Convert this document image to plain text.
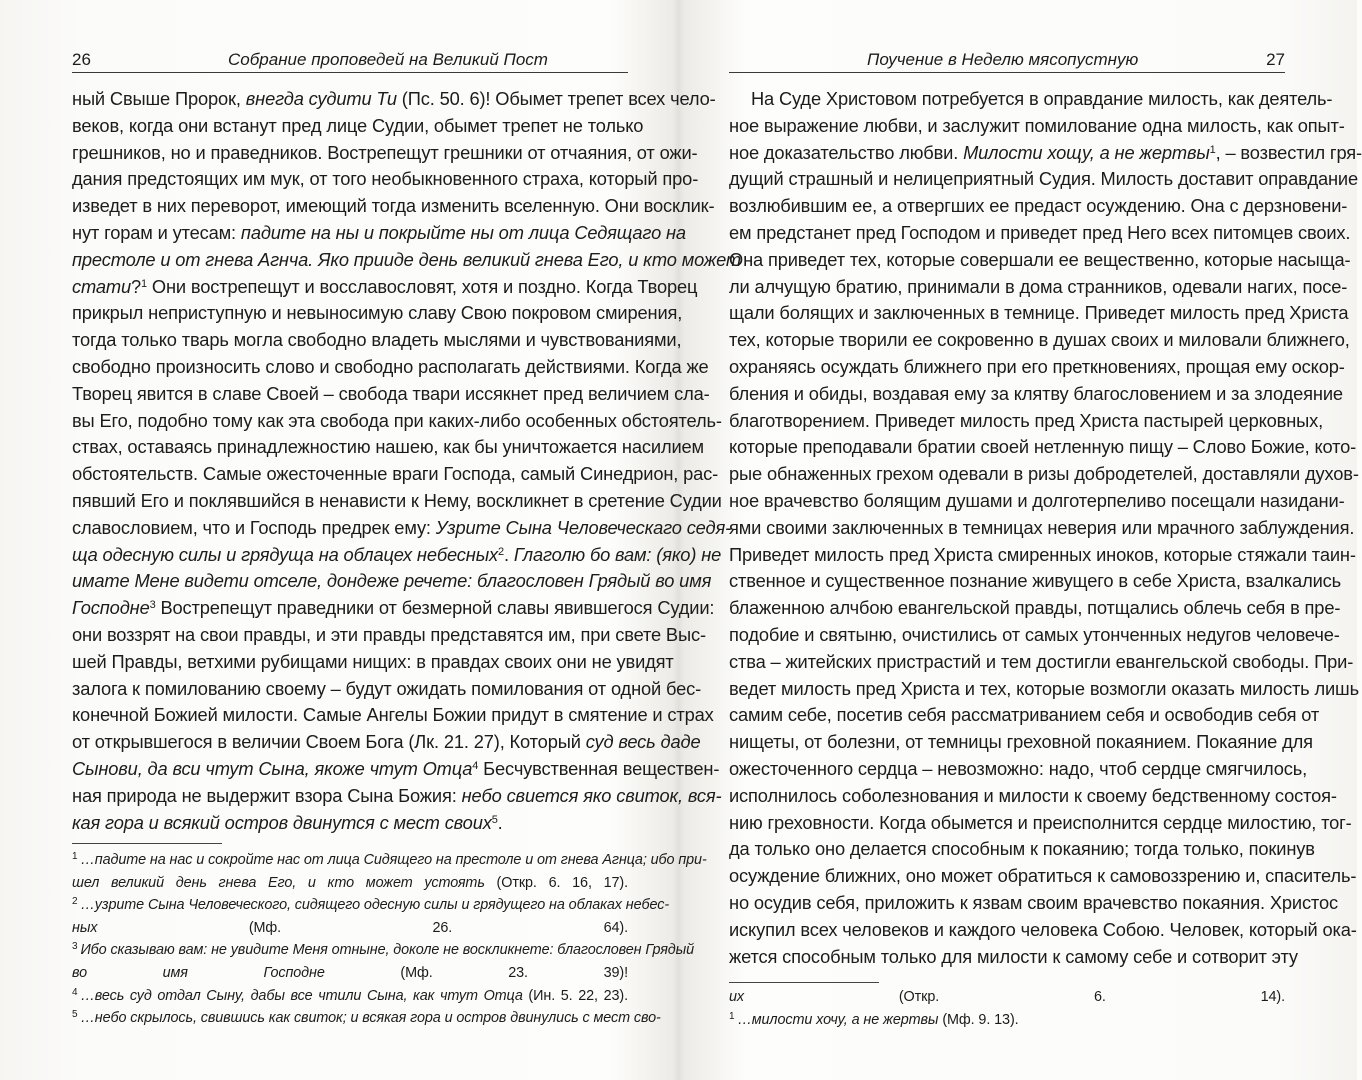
26	Собрание проповедей на Великий Пост
ный Свыше Пророк, внегда судити Ти (Пс. 50. 6)! Обымет трепет всех чело-
веков, когда они встанут пред лице Судии, обымет трепет не только
грешников, но и праведников. Вострепещут грешники от отчаяния, от ожи-
дания предстоящих им мук, от того необыкновенного страха, который про-
изведет в них переворот, имеющий тогда изменить вселенную. Они восклик-
нут горам и утесам: падите на ны и покрыйте ны от лица Седящаго на
престоле и от гнева Агнча. Яко прииде день великий гнева Его, и кто может
стати?$^1$ Они вострепещут и восславословят, хотя и поздно. Когда Творец
прикрыл неприступную и невыносимую славу Свою покровом смирения,
тогда только тварь могла свободно владеть мыслями и чувствованиями,
свободно произносить слово и свободно располагать действиями. Когда же
Творец явится в славе Своей – свобода твари иссякнет пред величием сла-
вы Его, подобно тому как эта свобода при каких-либо особенных обстоятель-
ствах, оставаясь принадлежностию нашею, как бы уничтожается насилием
обстоятельств. Самые ожесточенные враги Господа, самый Синедрион, рас-
пявший Его и поклявшийся в ненависти к Нему, воскликнет в сретение Судии
славословием, что и Господь предрек ему: Узрите Сына Человеческаго седя-
ща одесную силы и грядуща на облацех небесных$^2$. Глаголю бо вам: (яко) не
имате Мене видети отселе, дондеже речете: благословен Грядый во имя
Господне$^3$ Вострепещут праведники от безмерной славы явившегося Судии:
они воззрят на свои правды, и эти правды представятся им, при свете Выс-
шей Правды, ветхими рубищами нищих: в правдах своих они не увидят
залога к помилованию своему – будут ожидать помилования от одной бес-
конечной Божией милости. Самые Ангелы Божии придут в смятение и страх
от открывшегося в величии Своем Бога (Лк. 21. 27), Который суд весь даде
Сынови, да вси чтут Сына, якоже чтут Отца$^4$ Бесчувственная веществен-
ная природа не выдержит взора Сына Божия: небо свиется яко свиток, вся-
кая гора и всякий остров двинутся с мест своих$^5$.
$^1$ …падите на нас и сокройте нас от лица Сидящего на престоле и от гнева Агнца; ибо при-
шел великий день гнева Его, и кто может устоять (Откр. 6. 16, 17).
$^2$ …узрите Сына Человеческого, сидящего одесную силы и грядущего на облаках небес-
ных (Мф. 26. 64).
$^3$ Ибо сказываю вам: не увидите Меня отныне, доколе не воскликнете: благословен Грядый
во имя Господне (Мф. 23. 39)!
$^4$ …весь суд отдал Сыну, дабы все чтили Сына, как чтут Отца (Ин. 5. 22, 23).
$^5$ …небо скрылось, свившись как свиток; и всякая гора и остров двинулись с мест сво-
Поучение в Неделю мясопустную	27
На Суде Христовом потребуется в оправдание милость, как деятель-
ное выражение любви, и заслужит помилование одна милость, как опыт-
ное доказательство любви. Милости хощу, а не жертвы$^1$, – возвестил гря-
дущий страшный и нелицеприятный Судия. Милость доставит оправдание
возлюбившим ее, а отвергших ее предаст осуждению. Она с дерзновени-
ем предстанет пред Господом и приведет пред Него всех питомцев своих.
Она приведет тех, которые совершали ее вещественно, которые насыща-
ли алчущую братию, принимали в дома странников, одевали нагих, посе-
щали болящих и заключенных в темнице. Приведет милость пред Христа
тех, которые творили ее сокровенно в душах своих и миловали ближнего,
охраняясь осуждать ближнего при его преткновениях, прощая ему оскор-
бления и обиды, воздавая ему за клятву благословением и за злодеяние
благотворением. Приведет милость пред Христа пастырей церковных,
которые преподавали братии своей нетленную пищу – Слово Божие, кото-
рые обнаженных грехом одевали в ризы добродетелей, доставляли духов-
ное врачевство болящим душами и долготерпеливо посещали назидани-
ями своими заключенных в темницах неверия или мрачного заблуждения.
Приведет милость пред Христа смиренных иноков, которые стяжали таин-
ственное и существенное познание живущего в себе Христа, взалкались
блаженною алчбою евангельской правды, потщались облечь себя в пре-
подобие и святыню, очистились от самых утонченных недугов человече-
ства – житейских пристрастий и тем достигли евангельской свободы. При-
ведет милость пред Христа и тех, которые возмогли оказать милость лишь
самим себе, посетив себя рассматриванием себя и освободив себя от
нищеты, от болезни, от темницы греховной покаянием. Покаяние для
ожесточенного сердца – невозможно: надо, чтоб сердце смягчилось,
исполнилось соболезнования и милости к своему бедственному состоя-
нию греховности. Когда обымется и преисполнится сердце милостию, тог-
да только оно делается способным к покаянию; тогда только, покинув
осуждение ближних, оно может обратиться к самовоззрению и, спаситель-
но осудив себя, приложить к язвам своим врачевство покаяния. Христос
искупил всех человеков и каждого человека Собою. Человек, который ока-
жется способным только для милости к самому себе и сотворит эту
их (Откр. 6. 14).
$^1$ …милости хочу, а не жертвы (Мф. 9. 13).
